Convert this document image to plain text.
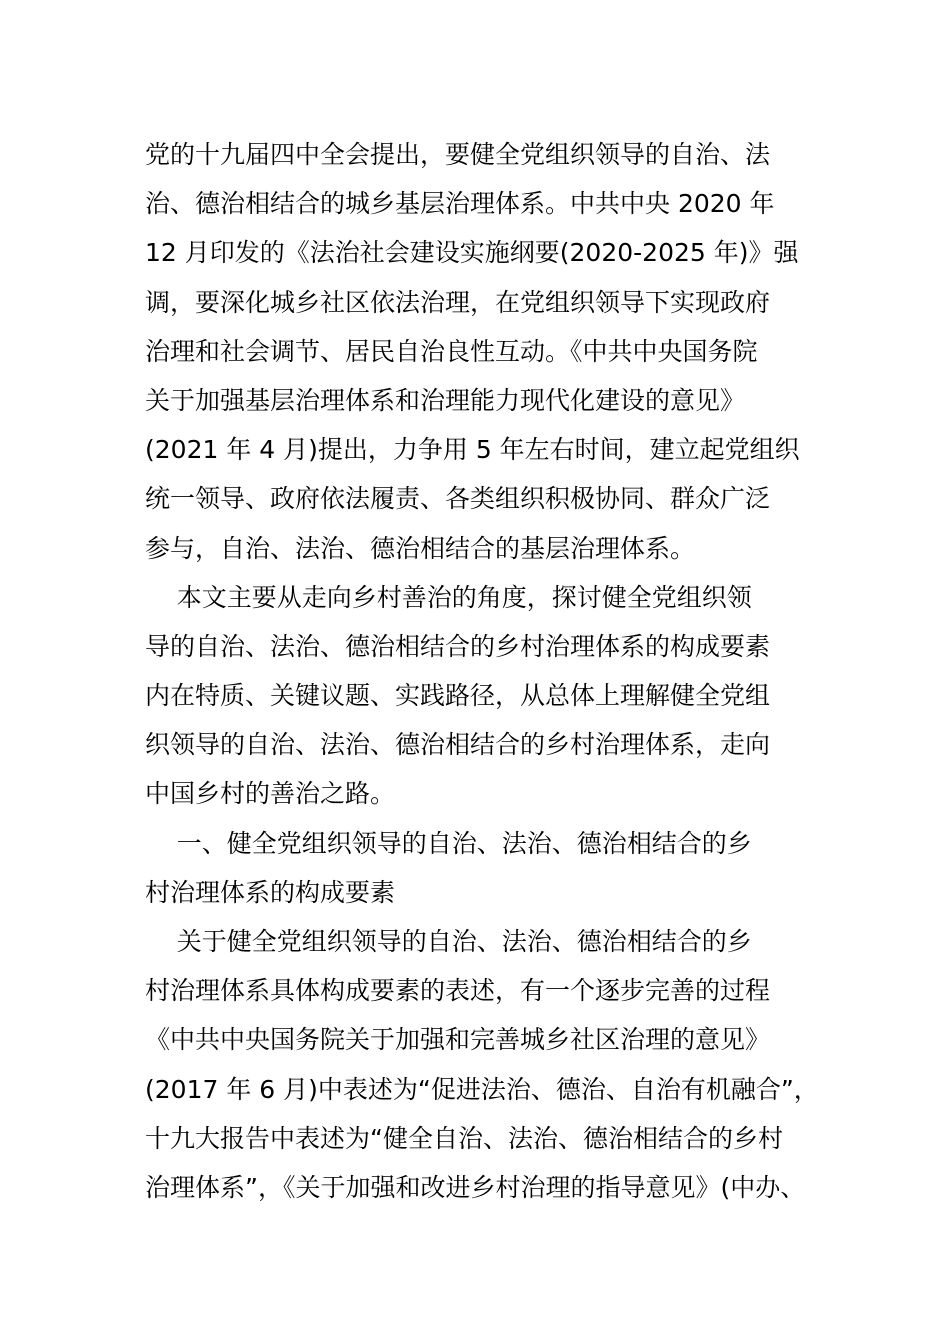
党的十九届四中全会提出，要健全党组织领导的自治、法
治、德治相结合的城乡基层治理体系。中共中央 2020 年
12 月印发的《法治社会建设实施纲要(2020-2025 年)》强
调，要深化城乡社区依法治理，在党组织领导下实现政府
治理和社会调节、居民自治良性互动。《中共中央国务院
关于加强基层治理体系和治理能力现代化建设的意见》
(2021 年 4 月)提出，力争用 5 年左右时间，建立起党组织
统一领导、政府依法履责、各类组织积极协同、群众广泛
参与，自治、法治、德治相结合的基层治理体系。
本文主要从走向乡村善治的角度，探讨健全党组织领
导的自治、法治、德治相结合的乡村治理体系的构成要素
内在特质、关键议题、实践路径，从总体上理解健全党组
织领导的自治、法治、德治相结合的乡村治理体系，走向
中国乡村的善治之路。
一、健全党组织领导的自治、法治、德治相结合的乡
村治理体系的构成要素
关于健全党组织领导的自治、法治、德治相结合的乡
村治理体系具体构成要素的表述，有一个逐步完善的过程
《中共中央国务院关于加强和完善城乡社区治理的意见》
(2017 年 6 月)中表述为“促进法治、德治、自治有机融合”，
十九大报告中表述为“健全自治、法治、德治相结合的乡村
治理体系”，《关于加强和改进乡村治理的指导意见》(中办、
